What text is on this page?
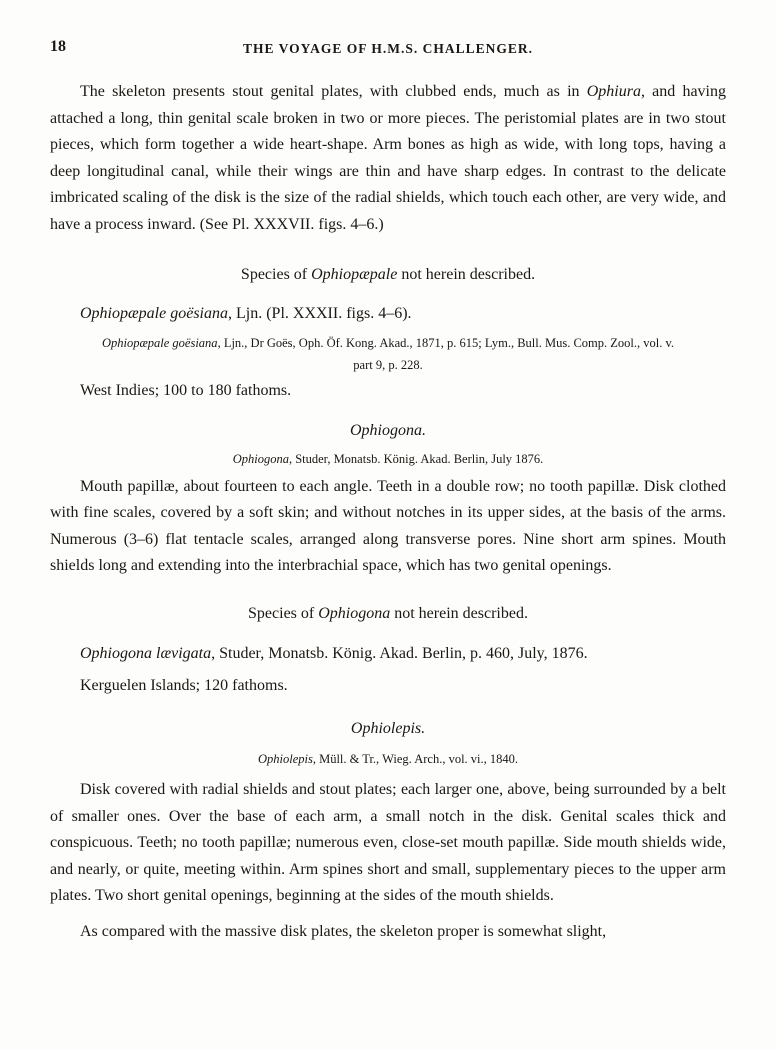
18	THE VOYAGE OF H.M.S. CHALLENGER.

The skeleton presents stout genital plates, with clubbed ends, much as in Ophiura, and having attached a long, thin genital scale broken in two or more pieces. The peristomial plates are in two stout pieces, which form together a wide heart-shape. Arm bones as high as wide, with long tops, having a deep longitudinal canal, while their wings are thin and have sharp edges. In contrast to the delicate imbricated scaling of the disk is the size of the radial shields, which touch each other, are very wide, and have a process inward. (See Pl. XXXVII. figs. 4–6.)

Species of Ophiopæpale not herein described.

Ophiopæpale goësiana, Ljn. (Pl. XXXII. figs. 4–6).

Ophiopæpale goësiana, Ljn., Dr Goës, Oph. Öf. Kong. Akad., 1871, p. 615; Lym., Bull. Mus. Comp. Zool., vol. v. part 9, p. 228.

West Indies; 100 to 180 fathoms.

Ophiogona.

Ophiogona, Studer, Monatsb. König. Akad. Berlin, July 1876.

Mouth papillæ, about fourteen to each angle. Teeth in a double row; no tooth papillæ. Disk clothed with fine scales, covered by a soft skin; and without notches in its upper sides, at the basis of the arms. Numerous (3–6) flat tentacle scales, arranged along transverse pores. Nine short arm spines. Mouth shields long and extending into the interbrachial space, which has two genital openings.

Species of Ophiogona not herein described.

Ophiogona lævigata, Studer, Monatsb. König. Akad. Berlin, p. 460, July, 1876.

Kerguelen Islands; 120 fathoms.

Ophiolepis.

Ophiolepis, Müll. & Tr., Wieg. Arch., vol. vi., 1840.

Disk covered with radial shields and stout plates; each larger one, above, being surrounded by a belt of smaller ones. Over the base of each arm, a small notch in the disk. Genital scales thick and conspicuous. Teeth; no tooth papillæ; numerous even, close-set mouth papillæ. Side mouth shields wide, and nearly, or quite, meeting within. Arm spines short and small, supplementary pieces to the upper arm plates. Two short genital openings, beginning at the sides of the mouth shields.

As compared with the massive disk plates, the skeleton proper is somewhat slight,
